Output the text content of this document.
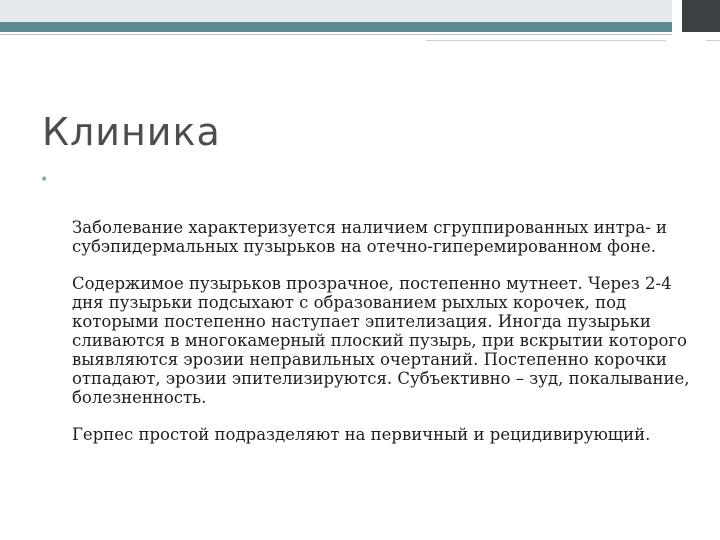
Клиника
•

Заболевание характеризуется наличием сгруппированных интра- и субэпидермальных пузырьков на отечно-гиперемированном фоне.

Содержимое пузырьков прозрачное, постепенно мутнеет. Через 2-4 дня пузырьки подсыхают с образованием рыхлых корочек, под которыми постепенно наступает эпителизация. Иногда пузырьки сливаются в многокамерный плоский пузырь, при вскрытии которого выявляются эрозии неправильных очертаний. Постепенно корочки отпадают, эрозии эпителизируются. Субъективно – зуд, покалывание, болезненность.

Герпес простой подразделяют на первичный и рецидивирующий.
